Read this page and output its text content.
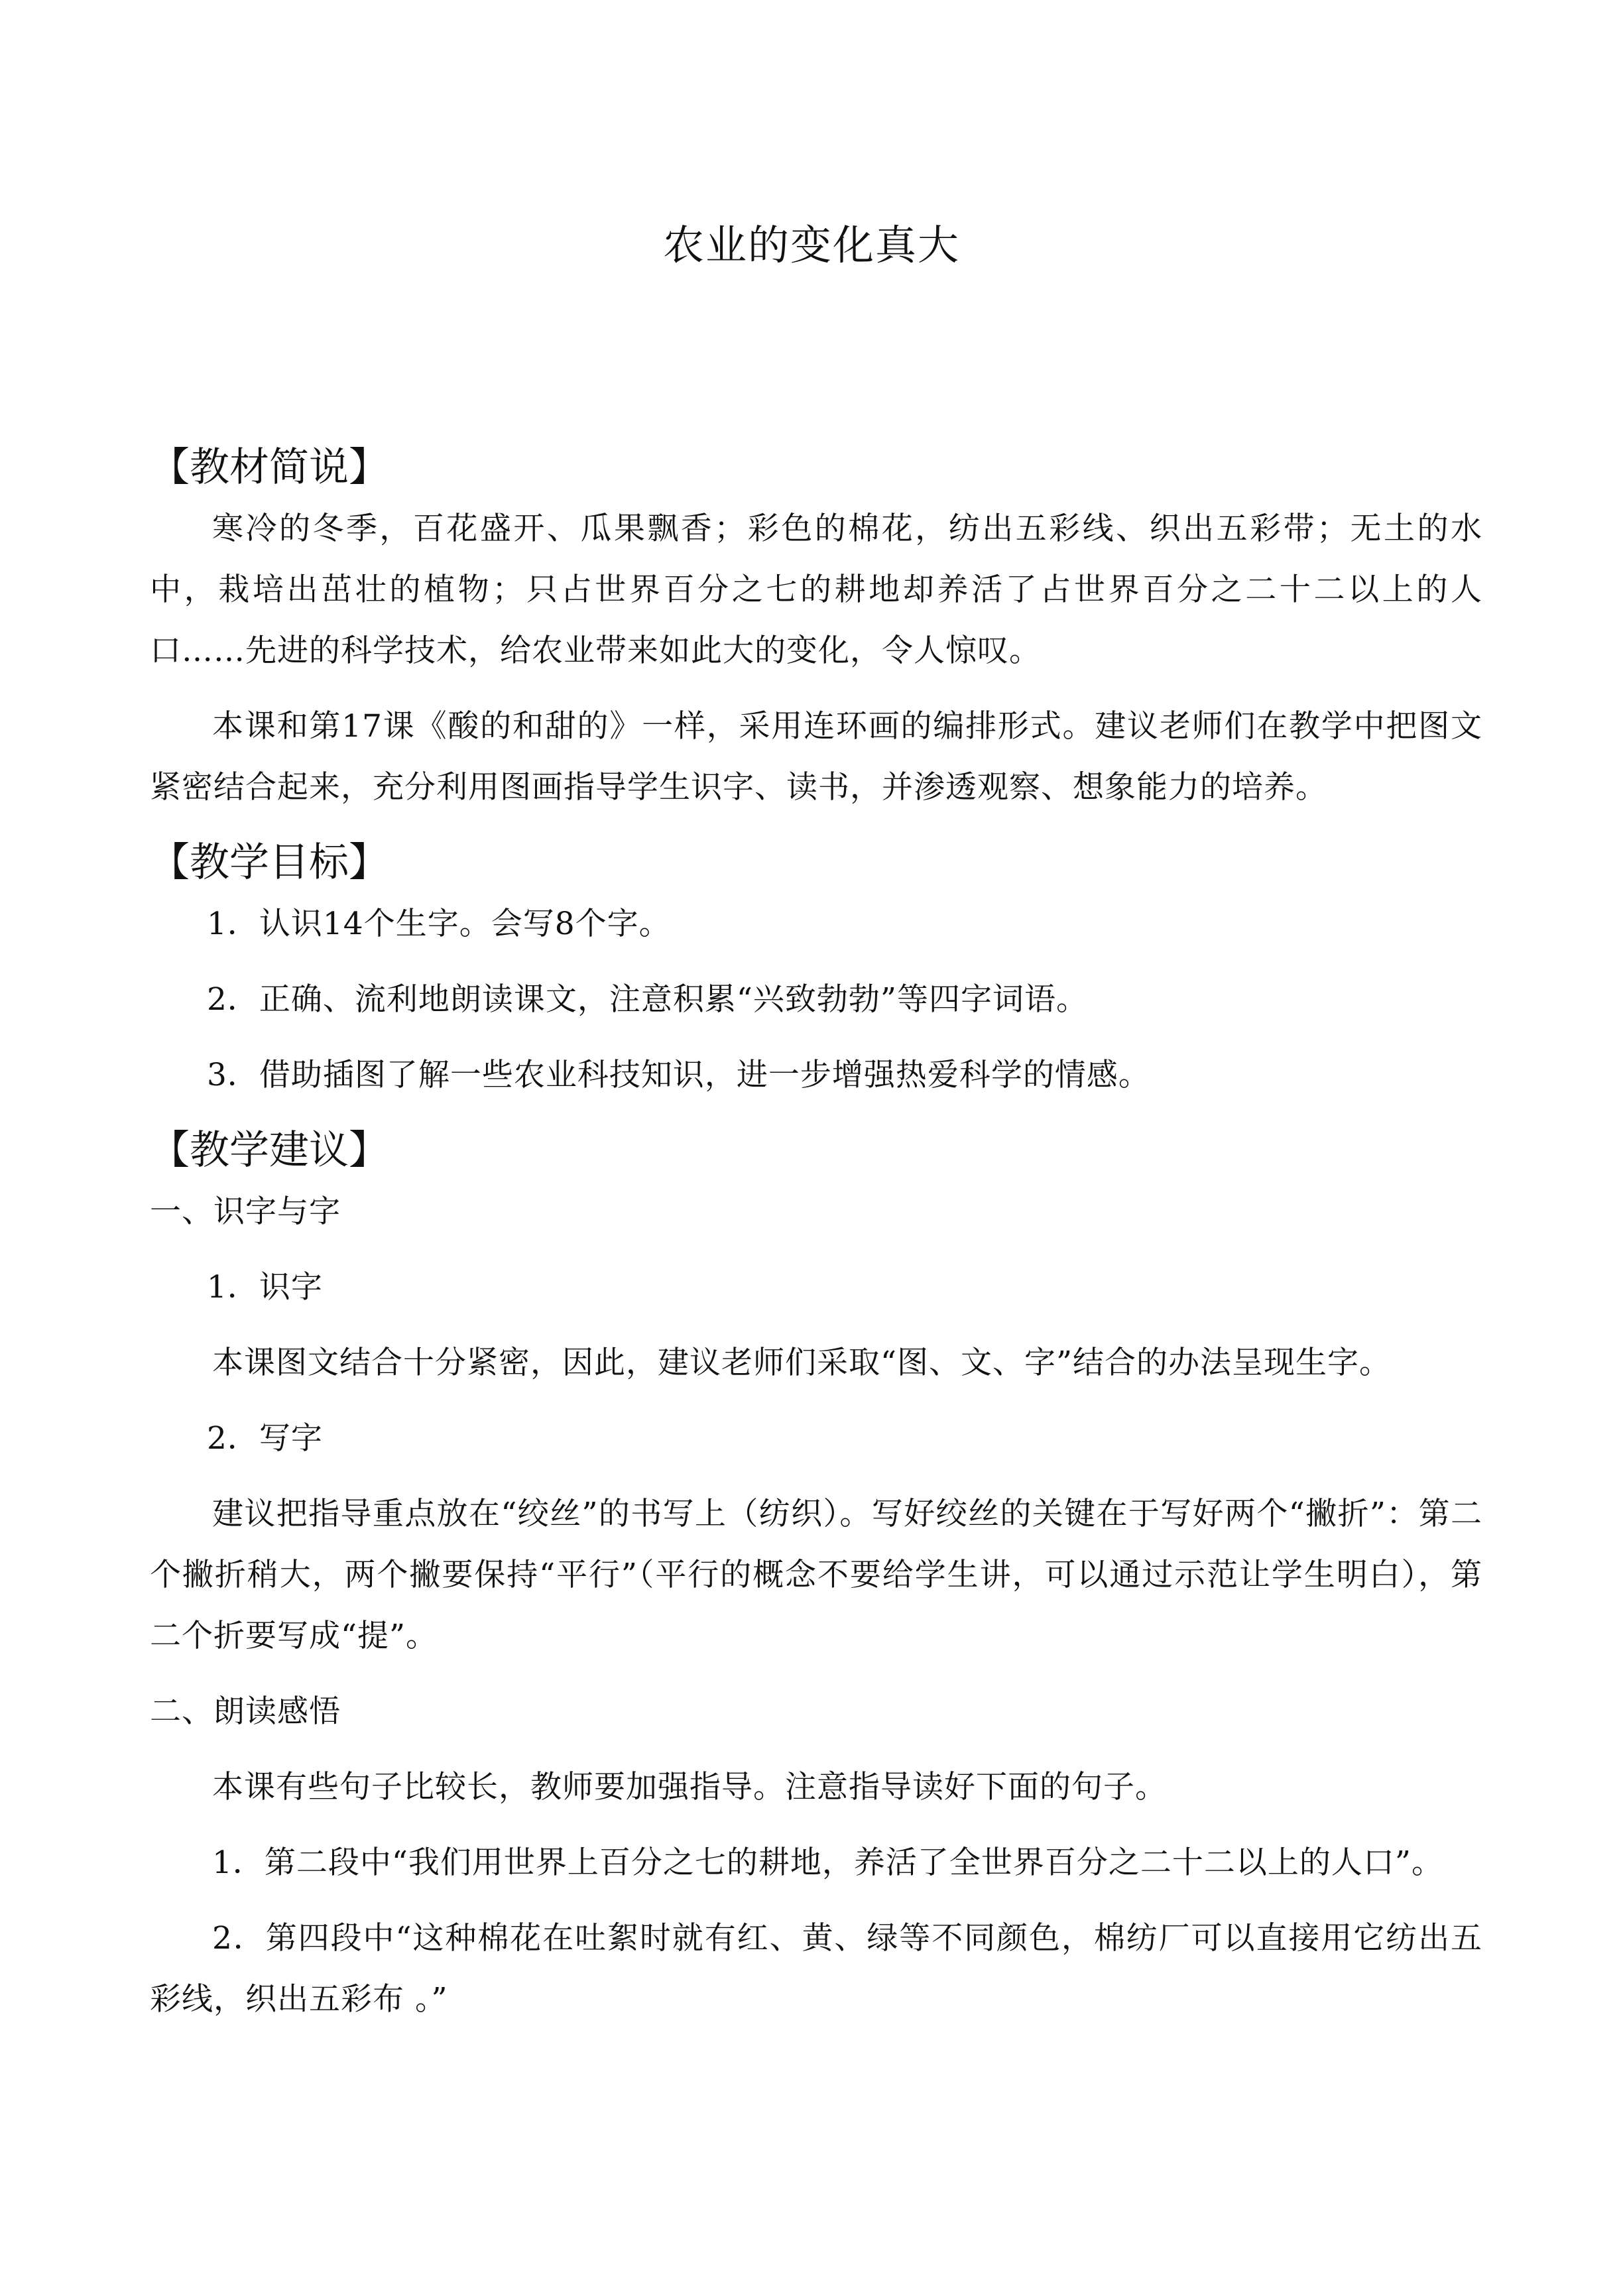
农业的变化真大
【教材简说】

寒冷的冬季，百花盛开、瓜果飘香；彩色的棉花，纺出五彩线、织出五彩带；无土的水中，栽培出茁壮的植物；只占世界百分之七的耕地却养活了占世界百分之二十二以上的人口……先进的科学技术，给农业带来如此大的变化，令人惊叹。

本课和第17课《酸的和甜的》一样，采用连环画的编排形式。建议老师们在教学中把图文紧密结合起来，充分利用图画指导学生识字、读书，并渗透观察、想象能力的培养。

【教学目标】

1．认识14个生字。会写8个字。

2．正确、流利地朗读课文，注意积累“兴致勃勃”等四字词语。

3．借助插图了解一些农业科技知识，进一步增强热爱科学的情感。

【教学建议】

一、识字与字

1．识字

本课图文结合十分紧密，因此，建议老师们采取“图、文、字”结合的办法呈现生字。

2．写字

建议把指导重点放在“绞丝”的书写上（纺织）。写好绞丝的关键在于写好两个“撇折”：第二个撇折稍大，两个撇要保持“平行”（平行的概念不要给学生讲，可以通过示范让学生明白），第二个折要写成“提”。

二、朗读感悟

本课有些句子比较长，教师要加强指导。注意指导读好下面的句子。

1．第二段中“我们用世界上百分之七的耕地，养活了全世界百分之二十二以上的人口”。

2．第四段中“这种棉花在吐絮时就有红、黄、绿等不同颜色，棉纺厂可以直接用它纺出五彩线，织出五彩布 。”
